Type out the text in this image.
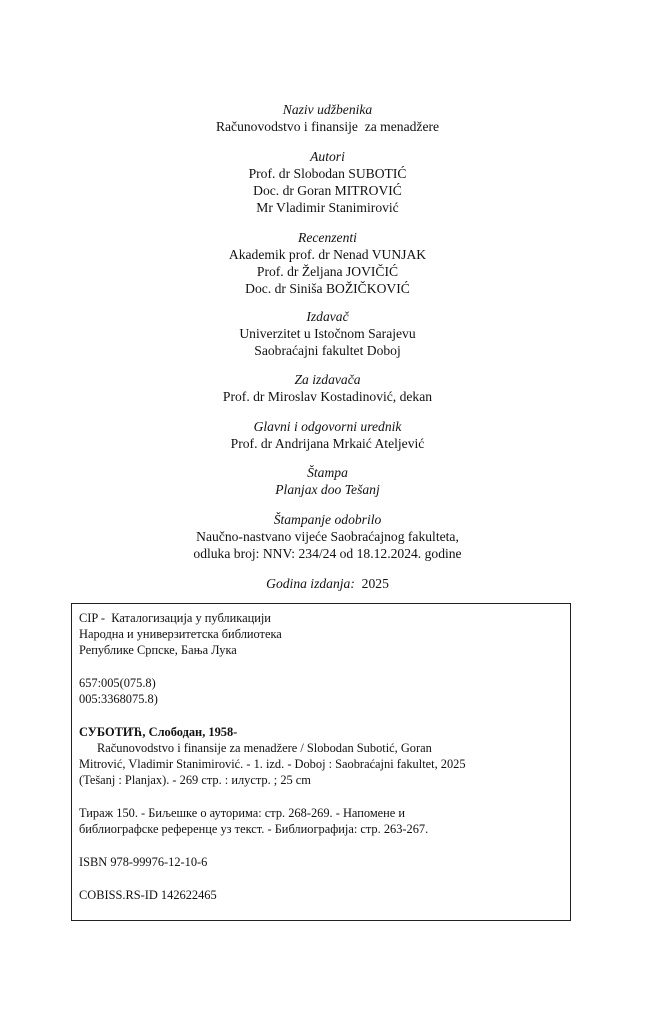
Naziv udžbenika
Računovodstvo i finansije  za menadžere
Autori
Prof. dr Slobodan SUBOTIĆ
Doc. dr Goran MITROVIĆ
Mr Vladimir Stanimirović
Recenzenti
Akademik prof. dr Nenad VUNJAK
Prof. dr Željana JOVIČIĆ
Doc. dr Siniša BOŽIČKOVIĆ
Izdavač
Univerzitet u Istočnom Sarajevu
Saobraćajni fakultet Doboj
Za izdavača
Prof. dr Miroslav Kostadinović, dekan
Glavni i odgovorni urednik
Prof. dr Andrijana Mrkaić Ateljević
Štampa
Planjax doo Tešanj
Štampanje odobrilo
Naučno-nastvano vijeće Saobraćajnog fakulteta,
odluka broj: NNV: 234/24 od 18.12.2024. godine
Godina izdanja: 2025

CIP -  Каталогизација у публикацији

Народна и универзитетска библиотека

Републике Српске, Бања Лука

657:005(075.8)

005:3368075.8)

СУБОТИЋ, Слободан, 1958-

Računovodstvo i finansije za menadžere / Slobodan Subotić, Goran

Mitrović, Vladimir Stanimirović. - 1. izd. - Doboj : Saobraćajni fakultet, 2025

(Tešanj : Planjax). - 269 стр. : илустр. ; 25 cm

Тираж 150. - Биљешке о ауторима: стр. 268-269. - Напомене и

библиографске референце уз текст. - Библиографија: стр. 263-267.

ISBN 978-99976-12-10-6

COBISS.RS-ID 142622465
